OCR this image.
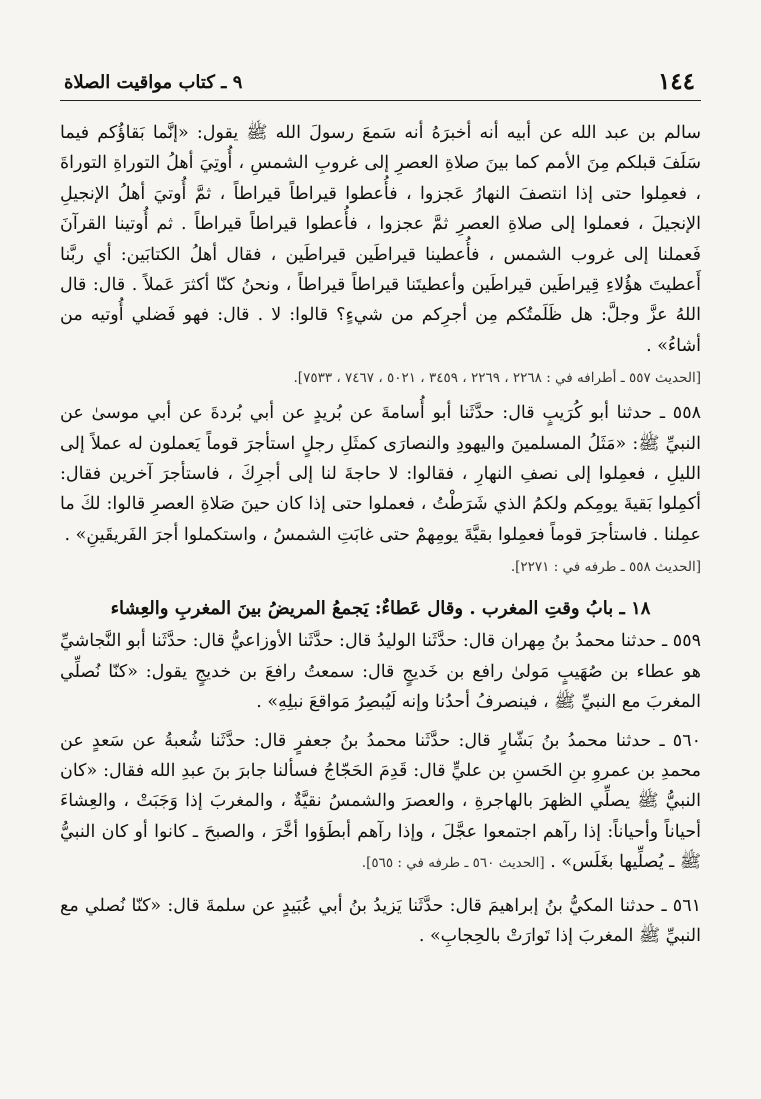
١٤٤
٩ ـ كتاب مواقيت الصلاة

سالم بن عبد الله عن أبيه أنه أخبرَهُ أنه سَمعَ رسولَ الله ﷺ يقول: «إنَّما بَقاؤُكم فيما سَلَفَ قبلكم مِنَ الأمم كما بينَ صلاةِ العصرِ إلى غروبِ الشمسِ ، أُوتِيَ أهلُ التوراةِ التوراةَ ، فعمِلوا حتى إذا انتصفَ النهارُ عَجزوا ، فأُعطوا قيراطاً قيراطاً ، ثمَّ أُوتيَ أهلُ الإنجيلِ الإنجيلَ ، فعملوا إلى صلاةِ العصرِ ثمَّ عجزوا ، فأُعطوا قيراطاً قيراطاً . ثم أُوتينا القرآنَ فَعملنا إلى غروب الشمس ، فأُعطينا قيراطَين قيراطَين ، فقال أهلُ الكتابَين: أي ربَّنا أَعطيتَ هؤُلاءِ قِيراطَين قيراطَين وأعطيتَنا قيراطاً قيراطاً ، ونحنُ كنّا أكثرَ عَملاً . قال: قال اللهُ عزَّ وجلَّ: هل ظَلَمتُكم مِن أجرِكم من شيءٍ؟ قالوا: لا . قال: فهو فَضلي أُوتيه من أشاءُ» .

[الحديث ٥٥٧ ـ أطرافه في : ٢٢٦٨ ، ٢٢٦٩ ، ٣٤٥٩ ، ٥٠٢١ ، ٧٤٦٧ ، ٧٥٣٣].

٥٥٨ ـ حدثنا أبو كُرَيبٍ قال: حدَّثَنا أبو أُسامةَ عن بُريدٍ عن أبي بُردةَ عن أبي موسىٰ عن النبيِّ ﷺ: «مَثَلُ المسلمينَ واليهودِ والنصارَى كمثَلِ رجلٍ استأجرَ قوماً يَعملون له عملاً إلى الليلِ ، فعمِلوا إلى نصفِ النهارِ ، فقالوا: لا حاجةَ لنا إلى أجرِكَ ، فاستأجرَ آخرين فقال: أكمِلوا بَقيةَ يومِكم ولكمُ الذي شَرَطْتُ ، فعملوا حتى إذا كان حينَ صَلاةِ العصرِ قالوا: لكَ ما عمِلنا . فاستأجرَ قوماً فعمِلوا بقيَّةَ يومِهمْ حتى غابَتِ الشمسُ ، واستكملوا أجرَ الفَريقَينِ» .

[الحديث ٥٥٨ ـ طرفه في : ٢٢٧١].
١٨ ـ بابُ وقتِ المغرب . وقال عَطاءٌ: يَجمعُ المريضُ بينَ المغربِ والعِشاء

٥٥٩ ـ حدثنا محمدُ بنُ مِهران قال: حدَّثَنا الوليدُ قال: حدَّثَنا الأوزاعيُّ قال: حدَّثَنا أبو النَّجاشيِّ هو عطاء بن صُهَيبٍ مَولىٰ رافع بن خَديجٍ قال: سمعتُ رافعَ بن خديجٍ يقول: «كنّا نُصلِّي المغربَ مع النبيِّ ﷺ ، فينصرفُ أحدُنا وإنه لَيُبصِرُ مَواقعَ نبلِهِ» .

٥٦٠ ـ حدثنا محمدُ بنُ بَشّارٍ قال: حدَّثَنا محمدُ بنُ جعفرٍ قال: حدَّثَنا شُعبةُ عن سَعدٍ عن محمدِ بن عمروِ بنِ الحَسنِ بن عليٍّ قال: قَدِمَ الحَجّاجُ فسألنا جابرَ بنَ عبدِ الله فقال: «كان النبيُّ ﷺ يصلِّي الظهرَ بالهاجرةِ ، والعصرَ والشمسُ نقيَّةٌ ، والمغربَ إذا وَجَبَتْ ، والعِشاءَ أحياناً وأحياناً: إذا رآهم اجتمعوا عجَّلَ ، وإذا رآهم أبطَؤوا أخَّرَ ، والصبحَ ـ كانوا أو كان النبيُّ ﷺ ـ يُصلِّيها بغَلَس» . [الحديث ٥٦٠ ـ طرفه في : ٥٦٥].

٥٦١ ـ حدثنا المكيُّ بنُ إبراهيمَ قال: حدَّثَنا يَزيدُ بنُ أبي عُبَيدٍ عن سلمةَ قال: «كنّا نُصلي مع النبيِّ ﷺ المغربَ إذا تَوارَتْ بالحِجابِ» .
